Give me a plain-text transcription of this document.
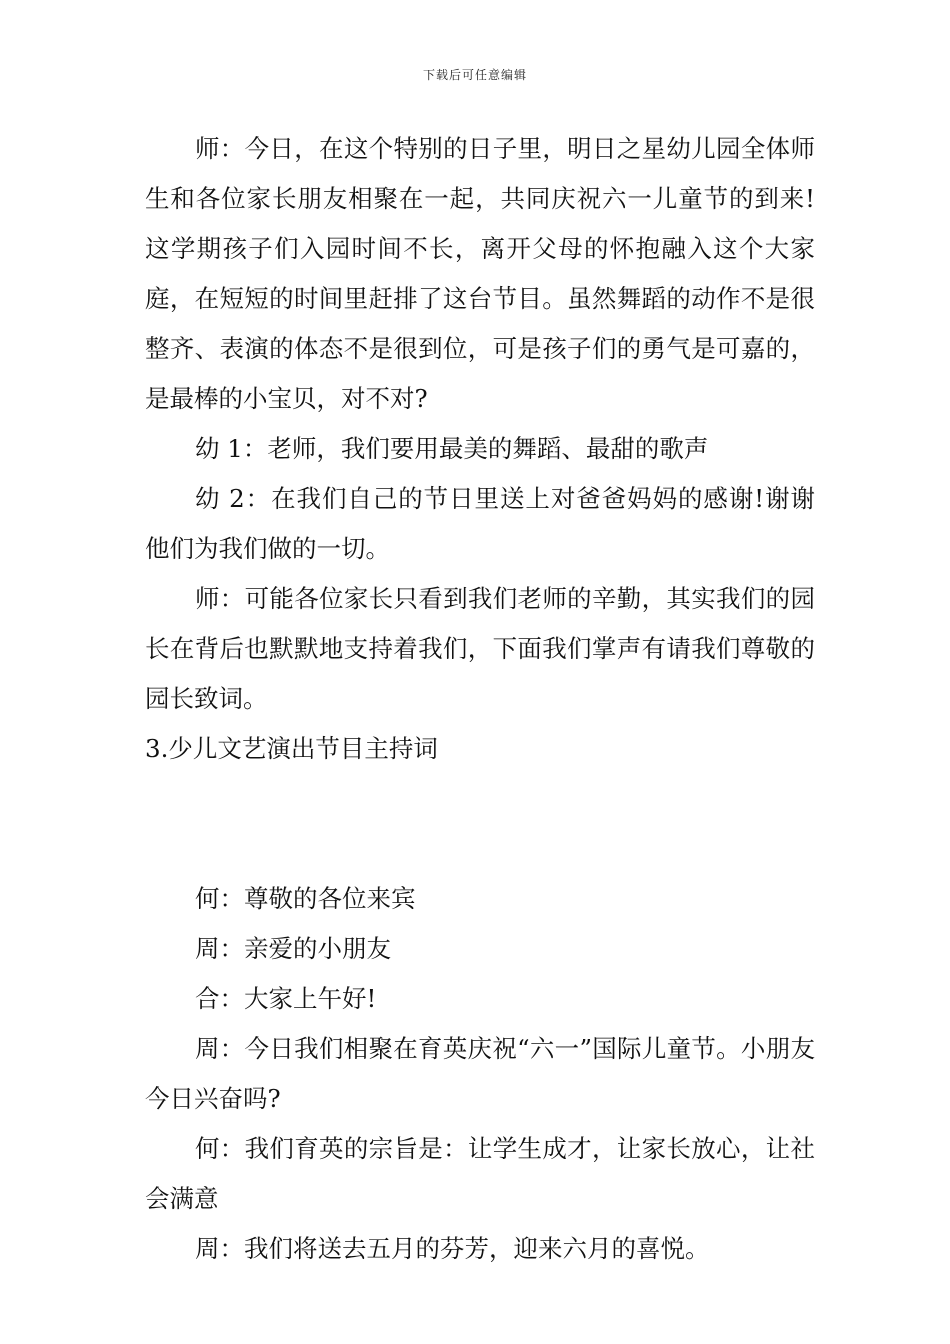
下载后可任意编辑

师：今日，在这个特别的日子里，明日之星幼儿园全体师生和各位家长朋友相聚在一起，共同庆祝六一儿童节的到来!这学期孩子们入园时间不长，离开父母的怀抱融入这个大家庭，在短短的时间里赶排了这台节目。虽然舞蹈的动作不是很整齐、表演的体态不是很到位，可是孩子们的勇气是可嘉的，是最棒的小宝贝，对不对?

幼 1：老师，我们要用最美的舞蹈、最甜的歌声

幼 2：在我们自己的节日里送上对爸爸妈妈的感谢!谢谢他们为我们做的一切。

师：可能各位家长只看到我们老师的辛勤，其实我们的园长在背后也默默地支持着我们，下面我们掌声有请我们尊敬的园长致词。

3.少儿文艺演出节目主持词

何：尊敬的各位来宾

周：亲爱的小朋友

合：大家上午好!

周：今日我们相聚在育英庆祝“六一”国际儿童节。小朋友今日兴奋吗?

何：我们育英的宗旨是：让学生成才，让家长放心，让社会满意

周：我们将送去五月的芬芳，迎来六月的喜悦。
